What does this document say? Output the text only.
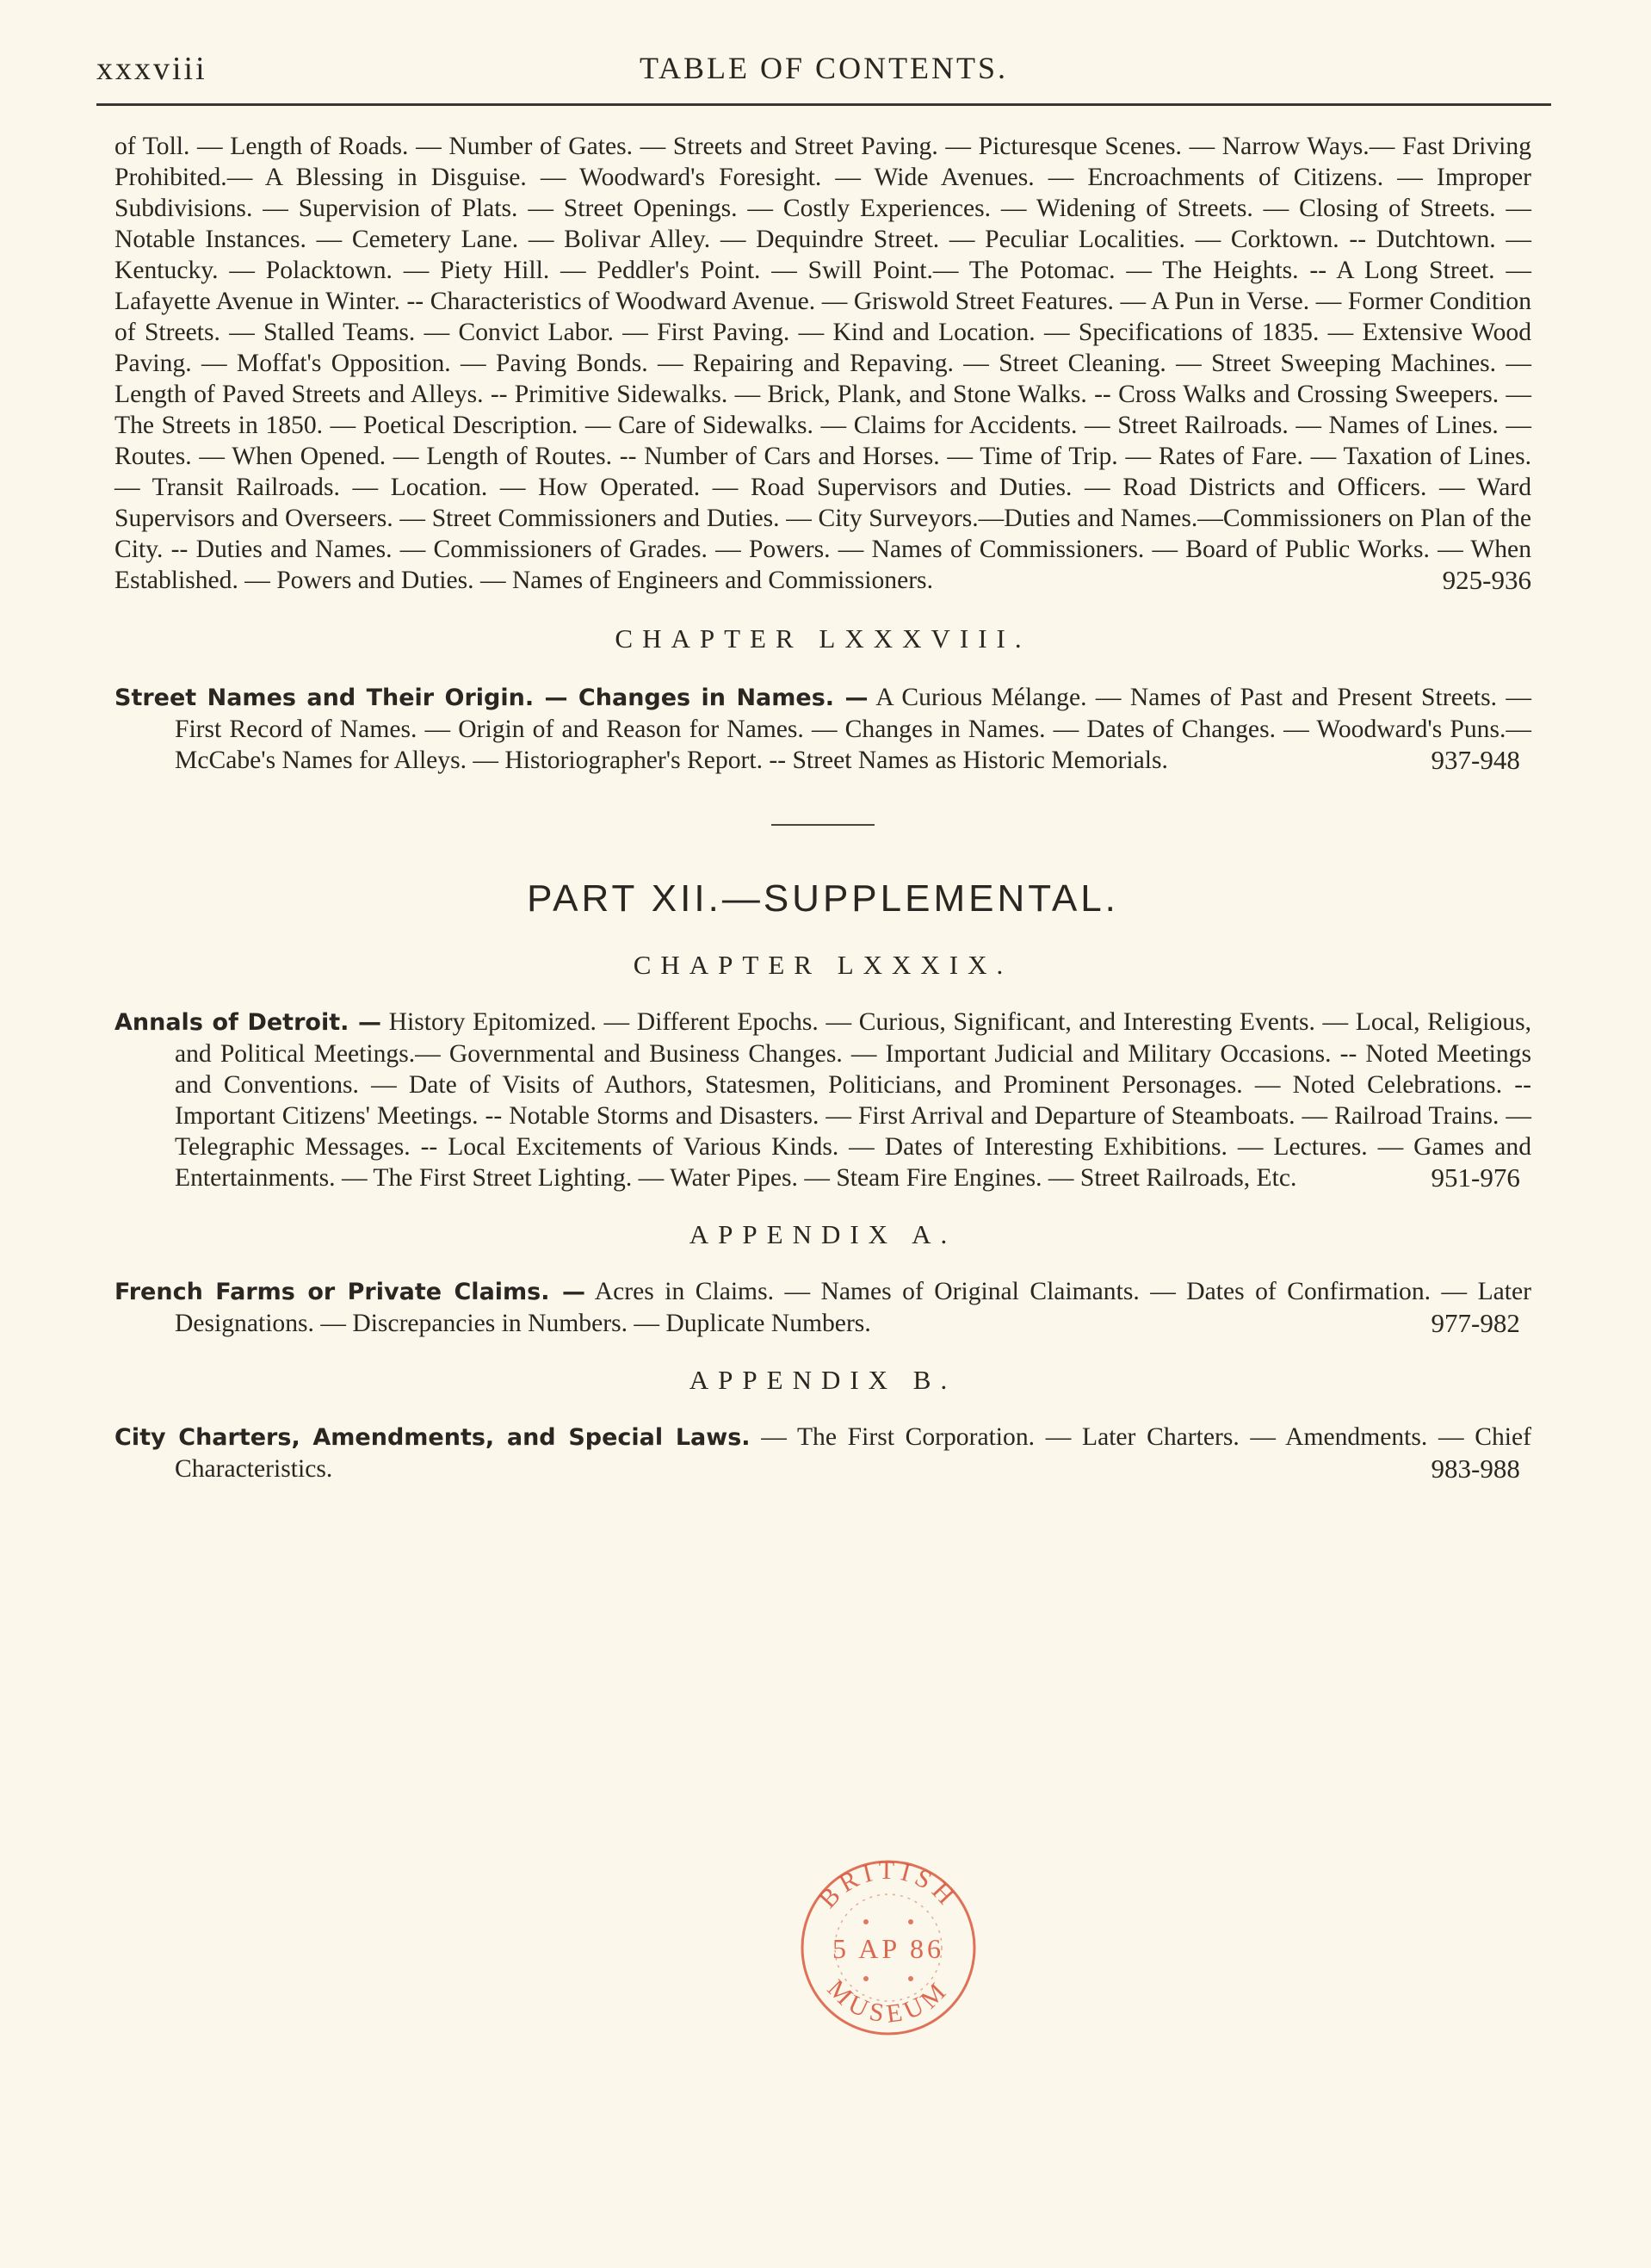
xxxviii	TABLE OF CONTENTS.

of Toll. — Length of Roads. — Number of Gates. — Streets and Street Paving. — Picturesque Scenes. — Narrow Ways.— Fast Driving Prohibited.— A Blessing in Disguise. — Woodward's Foresight. — Wide Avenues. — Encroachments of Citizens. — Improper Subdivisions. — Supervision of Plats. — Street Openings. — Costly Experiences. — Widening of Streets. — Closing of Streets. — Notable Instances. — Cemetery Lane. — Bolivar Alley. — Dequindre Street. — Peculiar Localities. — Corktown. -- Dutchtown. — Kentucky. — Polacktown. — Piety Hill. — Peddler's Point. — Swill Point.— The Potomac. — The Heights. -- A Long Street. — Lafayette Avenue in Winter. -- Characteristics of Woodward Avenue. — Griswold Street Features. — A Pun in Verse. — Former Condition of Streets. — Stalled Teams. — Convict Labor. — First Paving. — Kind and Location. — Specifications of 1835. — Extensive Wood Paving. — Moffat's Opposition. — Paving Bonds. — Repairing and Repaving. — Street Cleaning. — Street Sweeping Machines. — Length of Paved Streets and Alleys. -- Primitive Sidewalks. — Brick, Plank, and Stone Walks. -- Cross Walks and Crossing Sweepers. —The Streets in 1850. — Poetical Description. — Care of Sidewalks. — Claims for Accidents. — Street Railroads. — Names of Lines. — Routes. — When Opened. — Length of Routes. -- Number of Cars and Horses. — Time of Trip. — Rates of Fare. — Taxation of Lines. — Transit Railroads. — Location. — How Operated. — Road Supervisors and Duties. — Road Districts and Officers. — Ward Supervisors and Overseers. — Street Commissioners and Duties. — City Surveyors.—Duties and Names.—Commissioners on Plan of the City. -- Duties and Names. — Commissioners of Grades. — Powers. — Names of Commissioners. — Board of Public Works. — When Established. — Powers and Duties. — Names of Engineers and Commissioners.	925-936

CHAPTER LXXXVIII.

Street Names and Their Origin. — Changes in Names. — A Curious Mélange. — Names of Past and Present Streets. — First Record of Names. — Origin of and Reason for Names. — Changes in Names. — Dates of Changes. — Woodward's Puns.— McCabe's Names for Alleys. — Historiographer's Report. -- Street Names as Historic Memorials.	937-948

PART XII.—SUPPLEMENTAL.

CHAPTER LXXXIX.

Annals of Detroit. — History Epitomized. — Different Epochs. — Curious, Significant, and Interesting Events. — Local, Religious, and Political Meetings.— Governmental and Business Changes. — Important Judicial and Military Occasions. -- Noted Meetings and Conventions. — Date of Visits of Authors, Statesmen, Politicians, and Prominent Personages. — Noted Celebrations. -- Important Citizens' Meetings. -- Notable Storms and Disasters. — First Arrival and Departure of Steamboats. — Railroad Trains. — Telegraphic Messages. -- Local Excitements of Various Kinds. — Dates of Interesting Exhibitions. — Lectures. — Games and Entertainments. — The First Street Lighting. — Water Pipes. — Steam Fire Engines. — Street Railroads, Etc.	951-976

APPENDIX A.

French Farms or Private Claims. — Acres in Claims. — Names of Original Claimants. — Dates of Confirmation. — Later Designations. — Discrepancies in Numbers. — Duplicate Numbers.	977-982

APPENDIX B.

City Charters, Amendments, and Special Laws. — The First Corporation. — Later Charters. — Amendments. — Chief Characteristics.	983-988

BRITISH
5 AP 86
MUSEUM
